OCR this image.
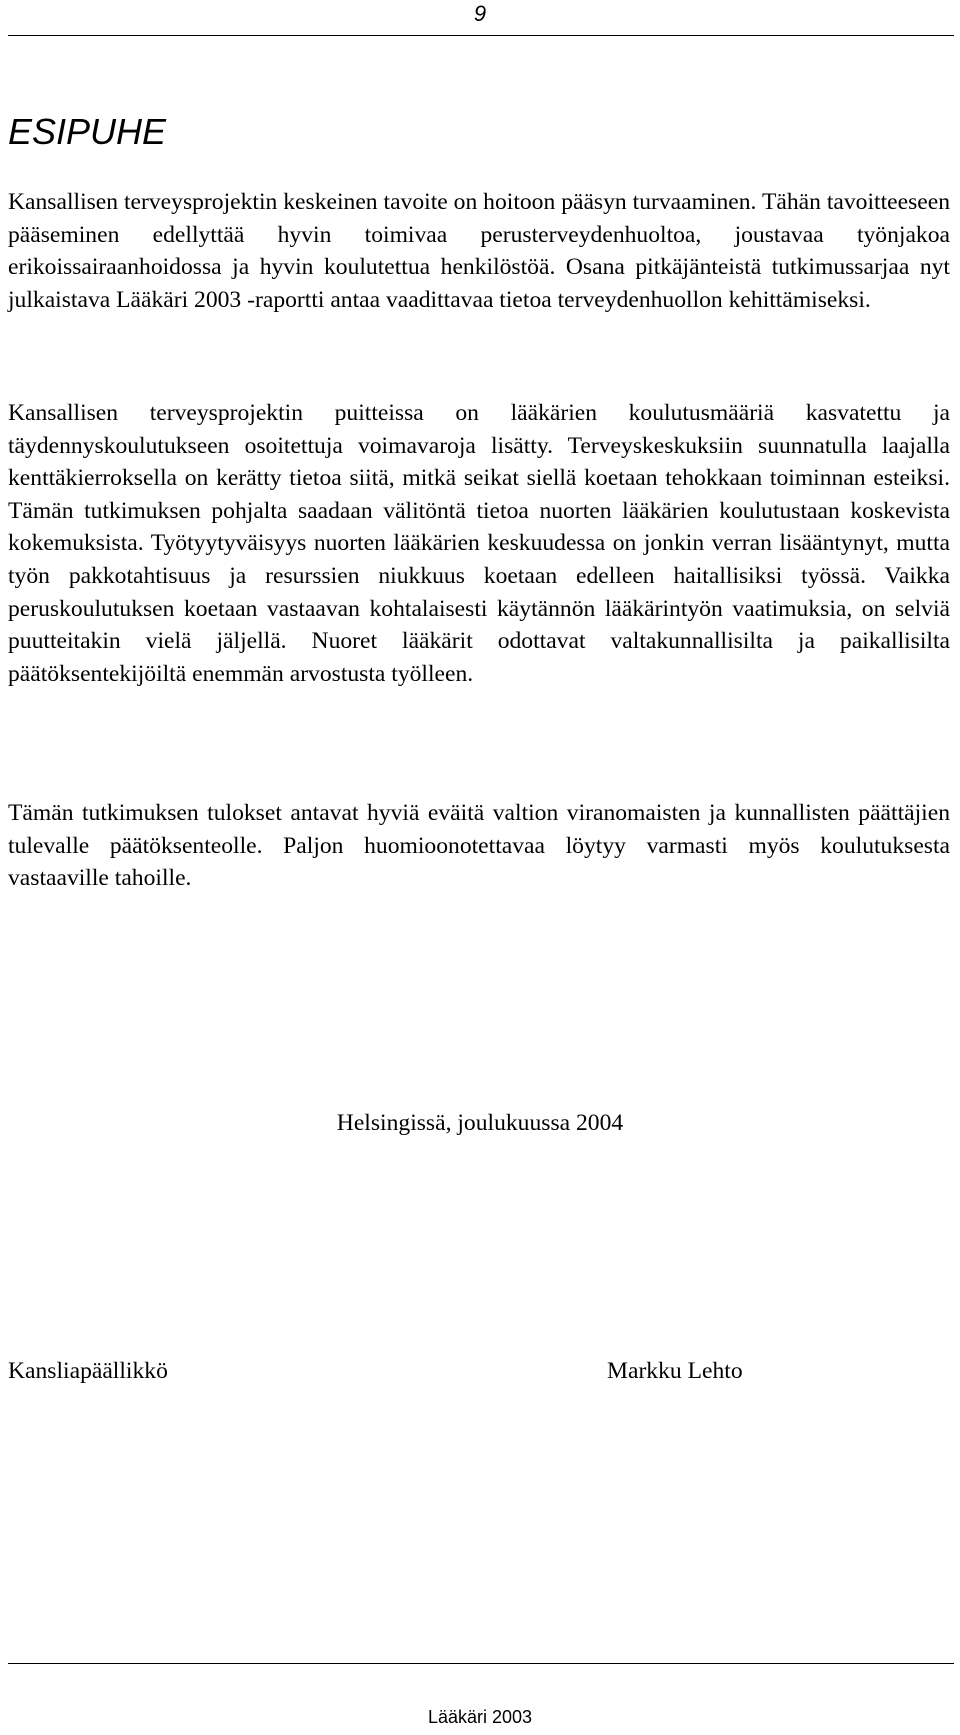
9
ESIPUHE

Kansallisen terveysprojektin keskeinen tavoite on hoitoon pääsyn turvaaminen. Tähän tavoitteeseen pääseminen edellyttää hyvin toimivaa perusterveydenhuoltoa, joustavaa työnjakoa erikoissairaanhoidossa ja hyvin koulutettua henkilöstöä. Osana pitkäjänteistä tutkimussarjaa nyt julkaistava Lääkäri 2003 -raportti antaa vaadittavaa tietoa terveydenhuollon kehittämiseksi.

Kansallisen terveysprojektin puitteissa on lääkärien koulutusmääriä kasvatettu ja täydennyskoulutukseen osoitettuja voimavaroja lisätty. Terveyskeskuksiin suunnatulla laajalla kenttäkierroksella on kerätty tietoa siitä, mitkä seikat siellä koetaan tehokkaan toiminnan esteiksi. Tämän tutkimuksen pohjalta saadaan välitöntä tietoa nuorten lääkärien koulutustaan koskevista kokemuksista. Työtyytyväisyys nuorten lääkärien keskuudessa on jonkin verran lisääntynyt, mutta työn pakkotahtisuus ja resurssien niukkuus koetaan edelleen haitallisiksi työssä. Vaikka peruskoulutuksen koetaan vastaavan kohtalaisesti käytännön lääkärintyön vaatimuksia, on selviä puutteitakin vielä jäljellä. Nuoret lääkärit odottavat valtakunnallisilta ja paikallisilta päätöksentekijöiltä enemmän arvostusta työlleen.

Tämän tutkimuksen tulokset antavat hyviä eväitä valtion viranomaisten ja kunnallisten päättäjien tulevalle päätöksenteolle. Paljon huomioonotettavaa löytyy varmasti myös koulutuksesta vastaaville tahoille.

Helsingissä, joulukuussa 2004
Kansliapäällikkö	Markku Lehto
Lääkäri 2003
